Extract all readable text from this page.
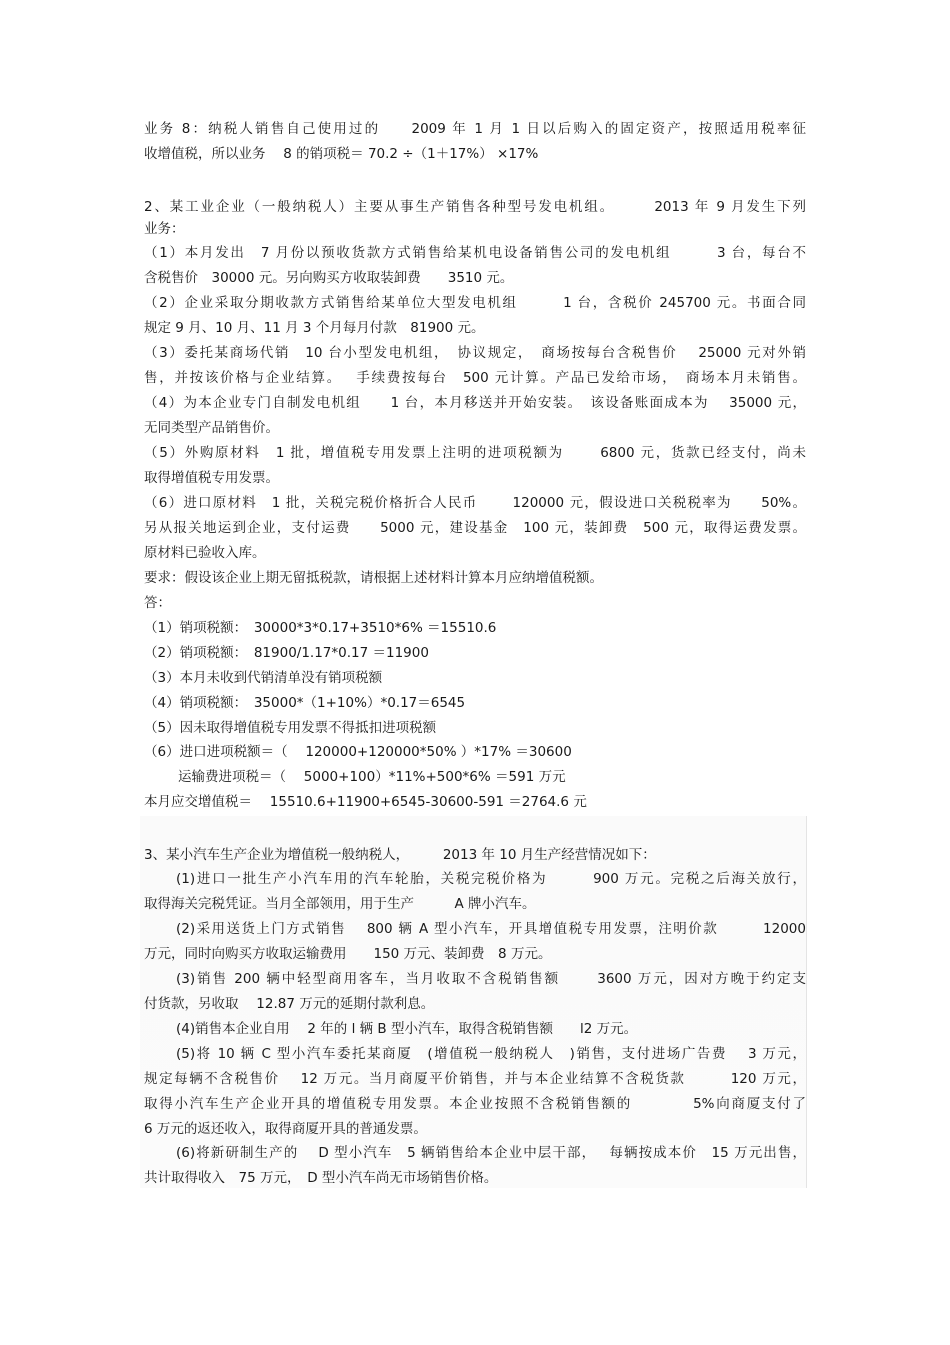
业务 8：纳税人销售自己使用过的　　2009 年 1 月 1 日以后购入的固定资产，按照适用税率征
收增值税，所以业务　 8 的销项税＝ 70.2 ÷（1＋17%） ×17%
2、某工业企业（一般纳税人）主要从事生产销售各种型号发电机组。　　　2013 年 9 月发生下列
业务：
（1）本月发出　7 月份以预收货款方式销售给某机电设备销售公司的发电机组　　　3 台，每台不
含税售价　30000 元。另向购买方收取装卸费　　3510 元。
（2）企业采取分期收款方式销售给某单位大型发电机组　　　1 台，含税价 245700 元。书面合同
规定 9 月、10 月、11 月 3 个月每月付款　81900 元。
（3）委托某商场代销　10 台小型发电机组，　协议规定，　商场按每台含税售价　 25000 元对外销
售，并按该价格与企业结算。　 手续费按每台　500 元计算。产品已发给市场，　商场本月未销售。
（4）为本企业专门自制发电机组　　1 台，本月移送并开始安装。　该设备账面成本为　 35000 元，
无同类型产品销售价。
（5）外购原材料　1 批，增值税专用发票上注明的进项税额为　　 6800 元，货款已经支付，尚未
取得增值税专用发票。
（6）进口原材料　1 批，关税完税价格折合人民币　　 120000 元，假设进口关税税率为　　50%。
另从报关地运到企业，支付运费　　5000 元，建设基金　100 元，装卸费　500 元，取得运费发票。
原材料已验收入库。
要求：假设该企业上期无留抵税款，请根据上述材料计算本月应纳增值税额。
答：
（1）销项税额：　30000*3*0.17+3510*6% ＝15510.6
（2）销项税额：　81900/1.17*0.17 ＝11900
（3）本月未收到代销清单没有销项税额
（4）销项税额：　35000*（1+10%）*0.17＝6545
（5）因未取得增值税专用发票不得抵扣进项税额
（6）进口进项税额＝（　 120000+120000*50% ）*17% ＝30600
运输费进项税＝（　 5000+100）*11%+500*6% ＝591 万元
本月应交增值税＝　 15510.6+11900+6545-30600-591 ＝2764.6 元
3、某小汽车生产企业为增值税一般纳税人，　　　2013 年 10 月生产经营情况如下：
(1)进口一批生产小汽车用的汽车轮胎，关税完税价格为　　　900 万元。完税之后海关放行，
取得海关完税凭证。当月全部领用，用于生产　　　A 牌小汽车。
(2)采用送货上门方式销售　 800 辆 A 型小汽车，开具增值税专用发票，注明价款　　　12000
万元，同时向购买方收取运输费用　　150 万元、装卸费　8 万元。
(3)销售 200 辆中轻型商用客车，当月收取不含税销售额　　 3600 万元，因对方晚于约定支
付货款，另收取　 12.87 万元的延期付款利息。
(4)销售本企业自用　 2 年的 l 辆 B 型小汽车，取得含税销售额　　l2 万元。
(5)将 10 辆 C 型小汽车委托某商厦　(增值税一般纳税人　)销售，支付进场广告费　 3 万元，
规定每辆不含税售价　 12 万元。当月商厦平价销售，并与本企业结算不含税货款　　　120 万元，
取得小汽车生产企业开具的增值税专用发票。本企业按照不含税销售额的　　　　5%向商厦支付了
6 万元的返还收入，取得商厦开具的普通发票。
(6)将新研制生产的　 D 型小汽车　5 辆销售给本企业中层干部，　 每辆按成本价　15 万元出售，
共计取得收入　75 万元，　D 型小汽车尚无市场销售价格。
